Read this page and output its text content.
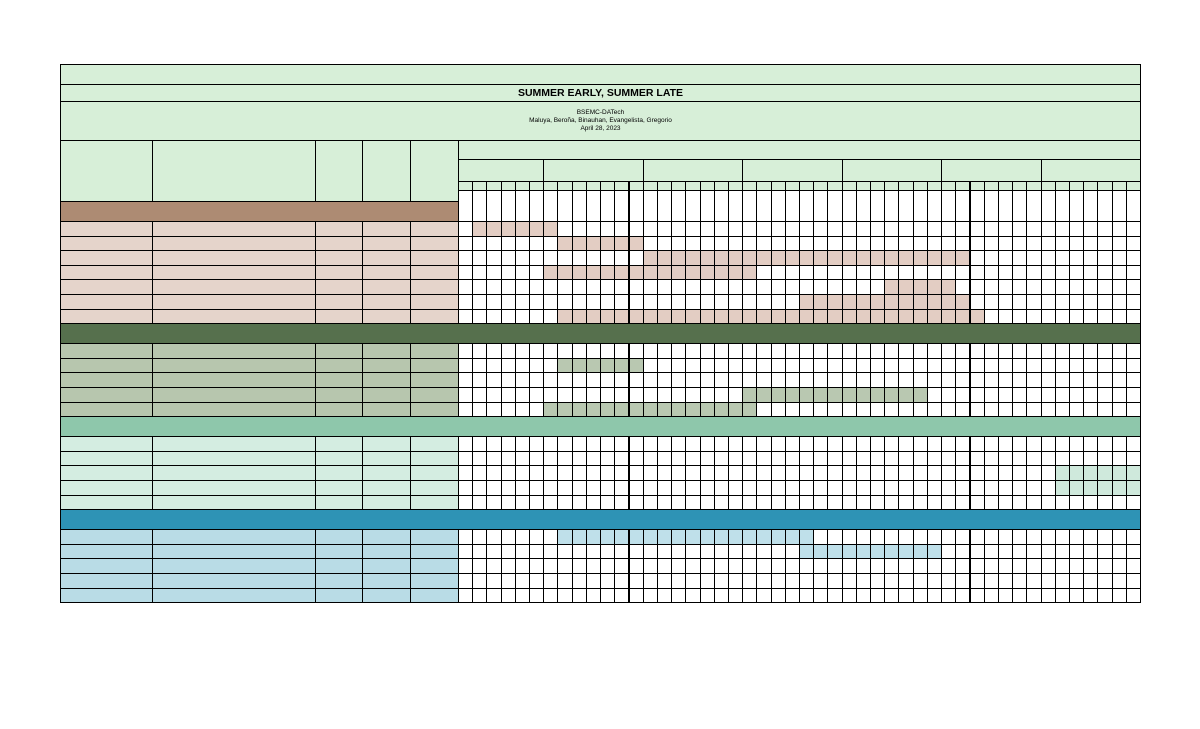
SUMMER EARLY, SUMMER LATE
BSEMC-DATech
Maluya, Beroña, Binauhan, Evangelista, Gregorio
April 28, 2023
